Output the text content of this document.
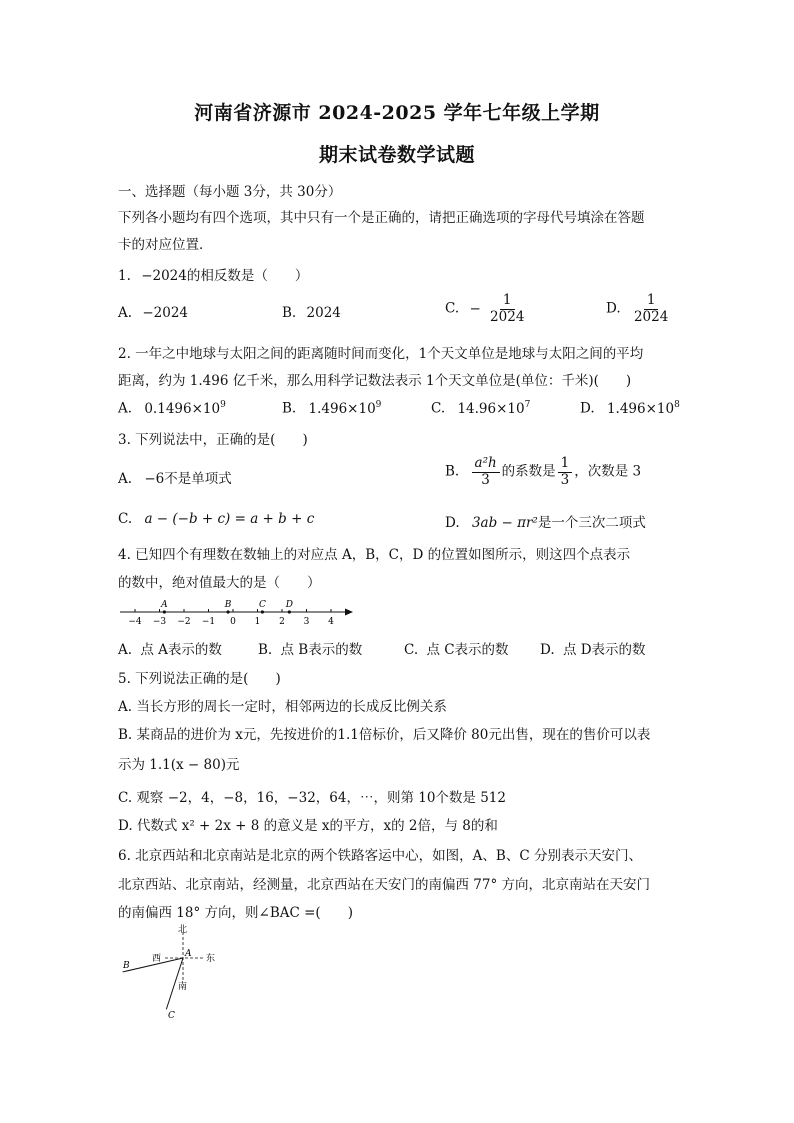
河南省济源市 2024-2025 学年七年级上学期
期末试卷数学试题
一、选择题（每小题 3分，共 30分）
下列各小题均有四个选项，其中只有一个是正确的，请把正确选项的字母代号填涂在答题
卡的对应位置．
1. −2024的相反数是（　　）
A. −2024	B. 2024	C. − $\frac{1}{2024}$	D. $\frac{1}{2024}$
2. 一年之中地球与太阳之间的距离随时间而变化，1个天文单位是地球与太阳之间的平均
距离，约为 1.496 亿千米，那么用科学记数法表示 1个天文单位是(单位：千米)(　　)
A. $0.1496\times 10^9$	B. $1.496\times 10^9$	C. $14.96\times 10^7$	D. $1.496\times 10^8$
3. 下列说法中，正确的是(　　)
A. −6不是单项式	B. $\frac{\text{a²h}}{3}$ 的系数是 $\frac{1}{3}$ ，次数是 3
C. a − (−b + c) = a + b + c	D. 3ab − πr²是一个三次二项式
4. 已知四个有理数在数轴上的对应点 A，B，C，D 的位置如图所示，则这四个点表示
的数中，绝对值最大的是（　　）
−4 −3 −2 −1 0 1 2 3 4
A	B	C D
A. 点 A表示的数	B. 点 B表示的数	C. 点 C表示的数 D. 点 D表示的数
5. 下列说法正确的是(　　)
A. 当长方形的周长一定时，相邻两边的长成反比例关系
B. 某商品的进价为 x元，先按进价的1.1倍标价，后又降价 80元出售，现在的售价可以表
示为 1.1(x − 80)元
C. 观察 −2，4，−8，16，−32，64，⋯，则第 10个数是 512
D. 代数式 x² + 2x + 8 的意义是 x的平方，x的 2倍，与 8的和
6. 北京西站和北京南站是北京的两个铁路客运中心，如图，A、B、C 分别表示天安门、
北京西站、北京南站，经测量，北京西站在天安门的南偏西 77° 方向，北京南站在天安门
的南偏西 18° 方向，则∠BAC =(　　)
北
南
西	东
A
B
C
